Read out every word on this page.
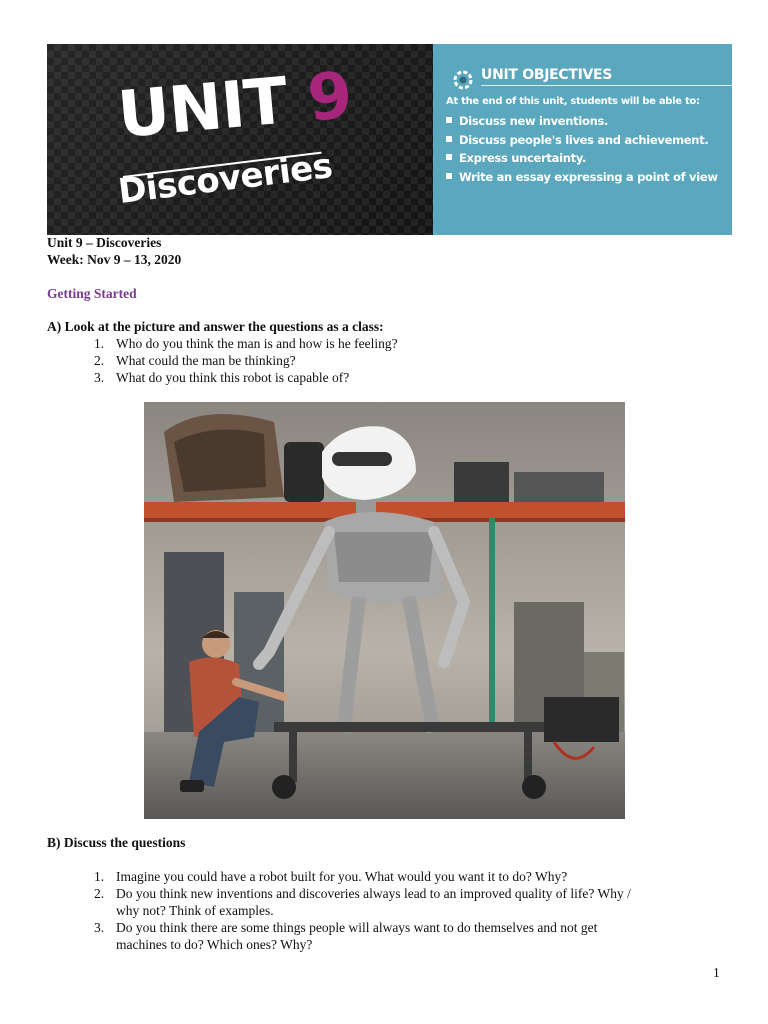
UNIT 9
Discoveries
UNIT OBJECTIVES
At the end of this unit, students will be able to:
Discuss new inventions.
Discuss people's lives and achievement.
Express uncertainty.
Write an essay expressing a point of view
Unit 9 – Discoveries
Week: Nov 9 – 13, 2020
Getting Started
A) Look at the picture and answer the questions as a class:
1. Who do you think the man is and how is he feeling?
2. What could the man be thinking?
3. What do you think this robot is capable of?
B) Discuss the questions
1. Imagine you could have a robot built for you. What would you want it to do? Why?
2. Do you think new inventions and discoveries always lead to an improved quality of life? Why /
why not? Think of examples.
3. Do you think there are some things people will always want to do themselves and not get
machines to do? Which ones? Why?
1
